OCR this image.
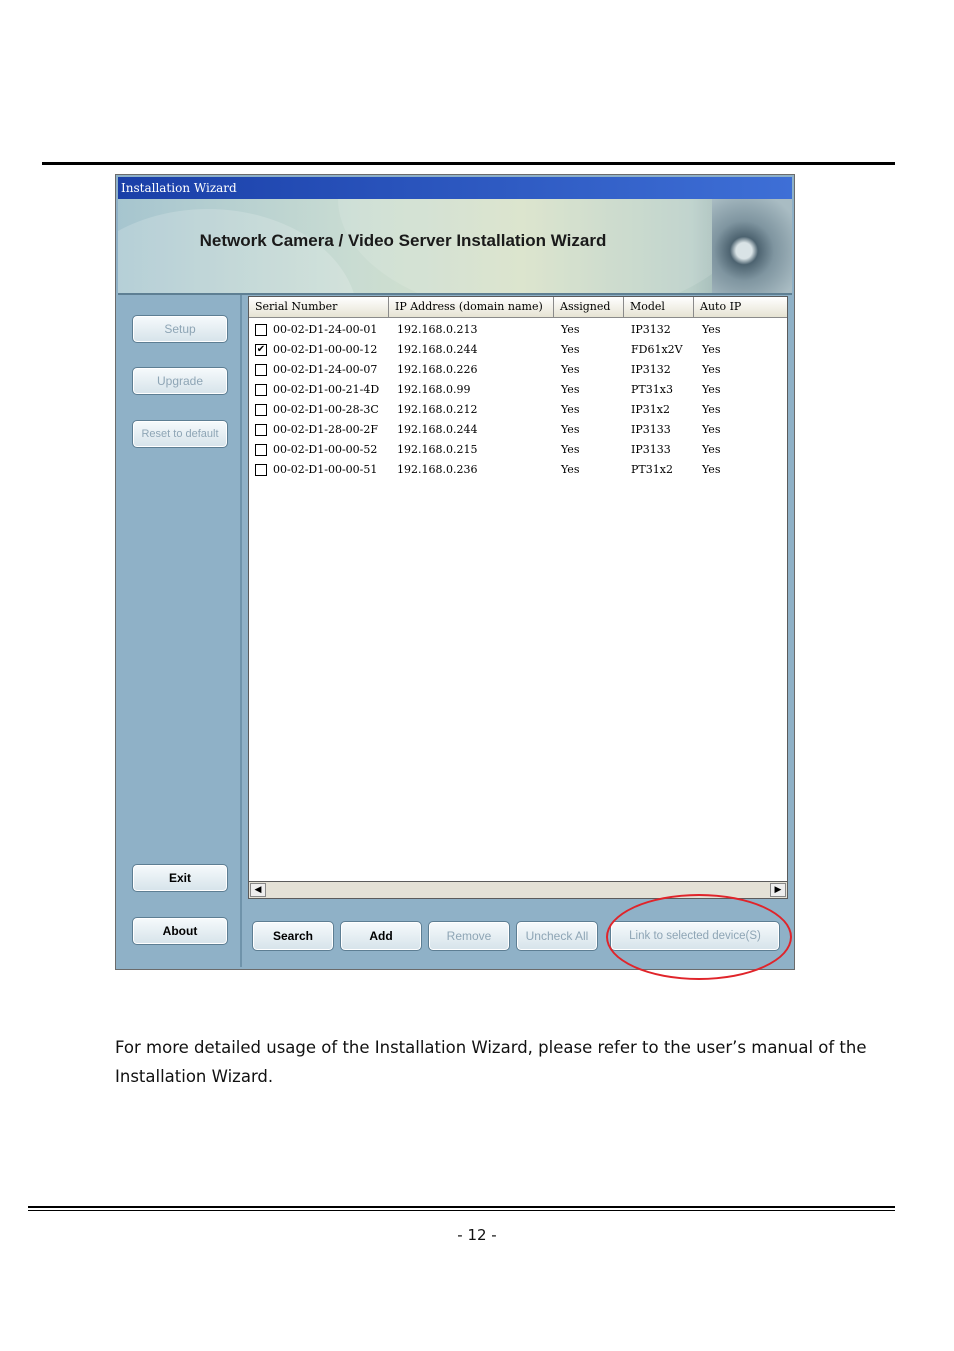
Installation Wizard
Network Camera / Video Server Installation Wizard
Setup
Upgrade
Reset to default
Exit
About
Serial Number	IP Address (domain name)	Assigned	Model	Auto IP
00-02-D1-24-00-01 192.168.0.213	Yes	IP3132	Yes
✔ 00-02-D1-00-00-12 192.168.0.244	Yes	FD61x2V Yes
00-02-D1-24-00-07 192.168.0.226	Yes	IP3132	Yes
00-02-D1-00-21-4D 192.168.0.99	Yes	PT31x3	Yes
00-02-D1-00-28-3C 192.168.0.212	Yes	IP31x2	Yes
00-02-D1-28-00-2F 192.168.0.244	Yes	IP3133	Yes
00-02-D1-00-00-52 192.168.0.215	Yes	IP3133	Yes
00-02-D1-00-00-51 192.168.0.236	Yes	PT31x2	Yes
◀	▶
Search	Add	Remove	Uncheck All	Link to selected device(S)
For more detailed usage of the Installation Wizard, please refer to the user’s manual of the Installation Wizard.
- 12 -
